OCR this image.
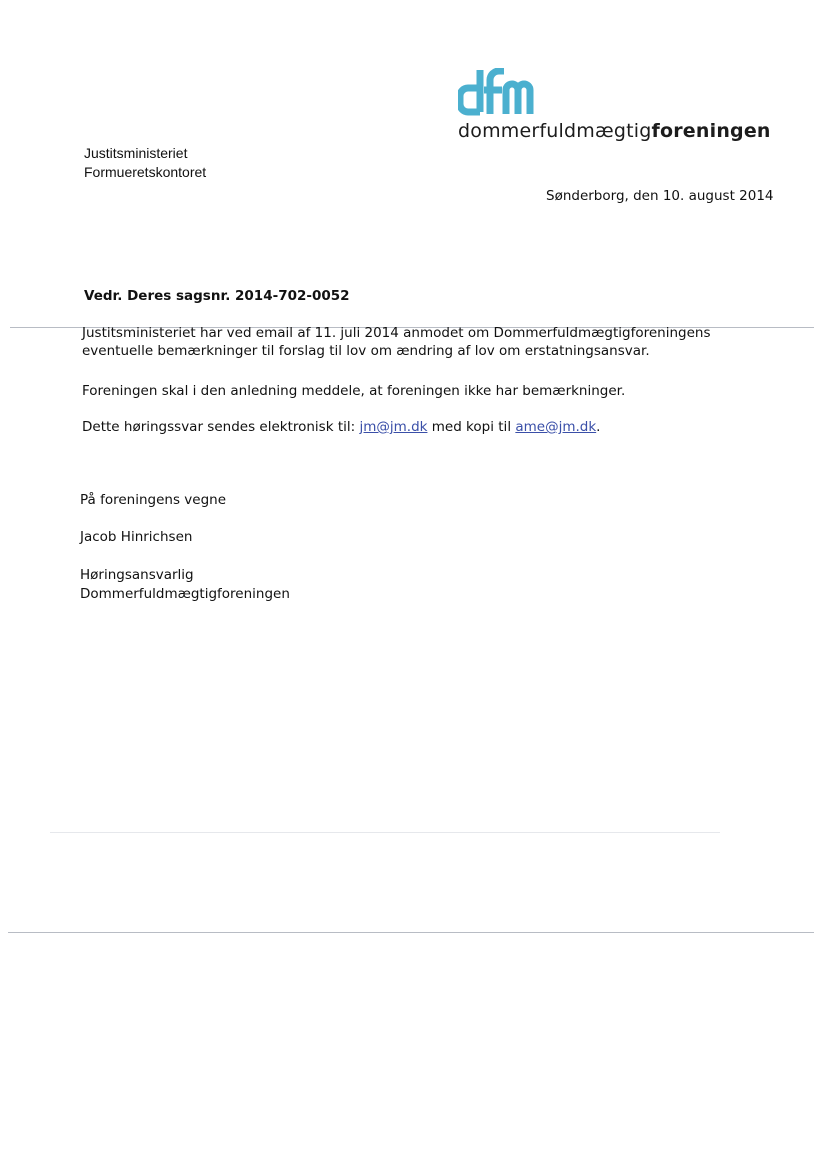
dommerfuldmægtigforeningen
Justitsministeriet
Formueretskontoret
Sønderborg, den 10. august 2014
Vedr. Deres sagsnr. 2014-702-0052
Justitsministeriet har ved email af 11. juli 2014 anmodet om Dommerfuldmægtigforeningens
eventuelle bemærkninger til forslag til lov om ændring af lov om erstatningsansvar.
Foreningen skal i den anledning meddele, at foreningen ikke har bemærkninger.
Dette høringssvar sendes elektronisk til: jm@jm.dk med kopi til ame@jm.dk.
På foreningens vegne
Jacob Hinrichsen
Høringsansvarlig
Dommerfuldmægtigforeningen
